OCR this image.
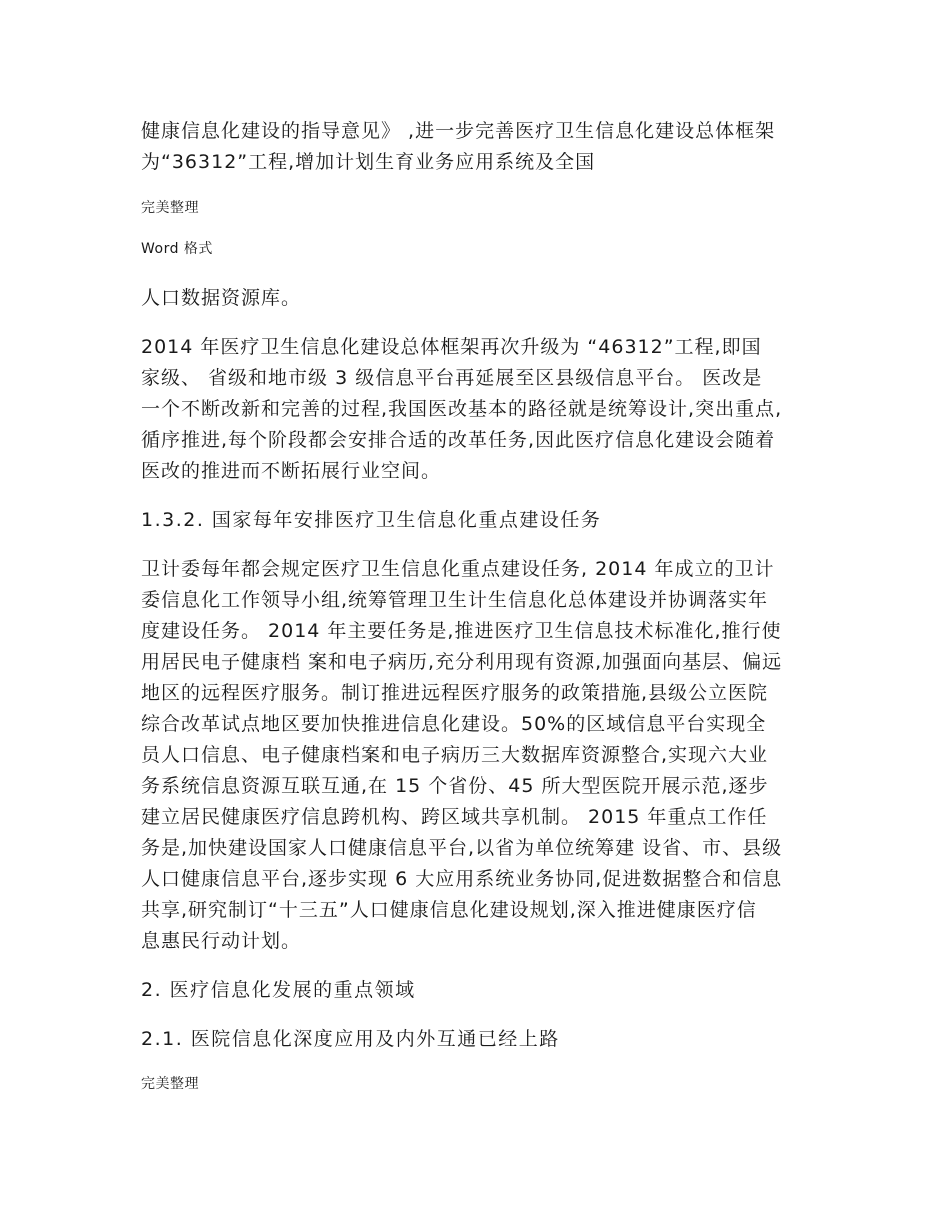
健康信息化建设的指导意见》 ,进一步完善医疗卫生信息化建设总体框架
为“36312”工程,增加计划生育业务应用系统及全国
完美整理
Word 格式
人口数据资源库。
2014 年医疗卫生信息化建设总体框架再次升级为 “46312”工程,即国
家级、 省级和地市级 3 级信息平台再延展至区县级信息平台。 医改是
一个不断改新和完善的过程,我国医改基本的路径就是统筹设计,突出重点,
循序推进,每个阶段都会安排合适的改革任务,因此医疗信息化建设会随着
医改的推进而不断拓展行业空间。
1.3.2. 国家每年安排医疗卫生信息化重点建设任务
卫计委每年都会规定医疗卫生信息化重点建设任务, 2014 年成立的卫计
委信息化工作领导小组,统筹管理卫生计生信息化总体建设并协调落实年
度建设任务。 2014 年主要任务是,推进医疗卫生信息技术标准化,推行使
用居民电子健康档 案和电子病历,充分利用现有资源,加强面向基层、偏远
地区的远程医疗服务。制订推进远程医疗服务的政策措施,县级公立医院
综合改革试点地区要加快推进信息化建设。50%的区域信息平台实现全
员人口信息、电子健康档案和电子病历三大数据库资源整合,实现六大业
务系统信息资源互联互通,在 15 个省份、45 所大型医院开展示范,逐步
建立居民健康医疗信息跨机构、跨区域共享机制。 2015 年重点工作任
务是,加快建设国家人口健康信息平台,以省为单位统筹建 设省、市、县级
人口健康信息平台,逐步实现 6 大应用系统业务协同,促进数据整合和信息
共享,研究制订“十三五”人口健康信息化建设规划,深入推进健康医疗信
息惠民行动计划。
2. 医疗信息化发展的重点领域
2.1. 医院信息化深度应用及内外互通已经上路
完美整理
